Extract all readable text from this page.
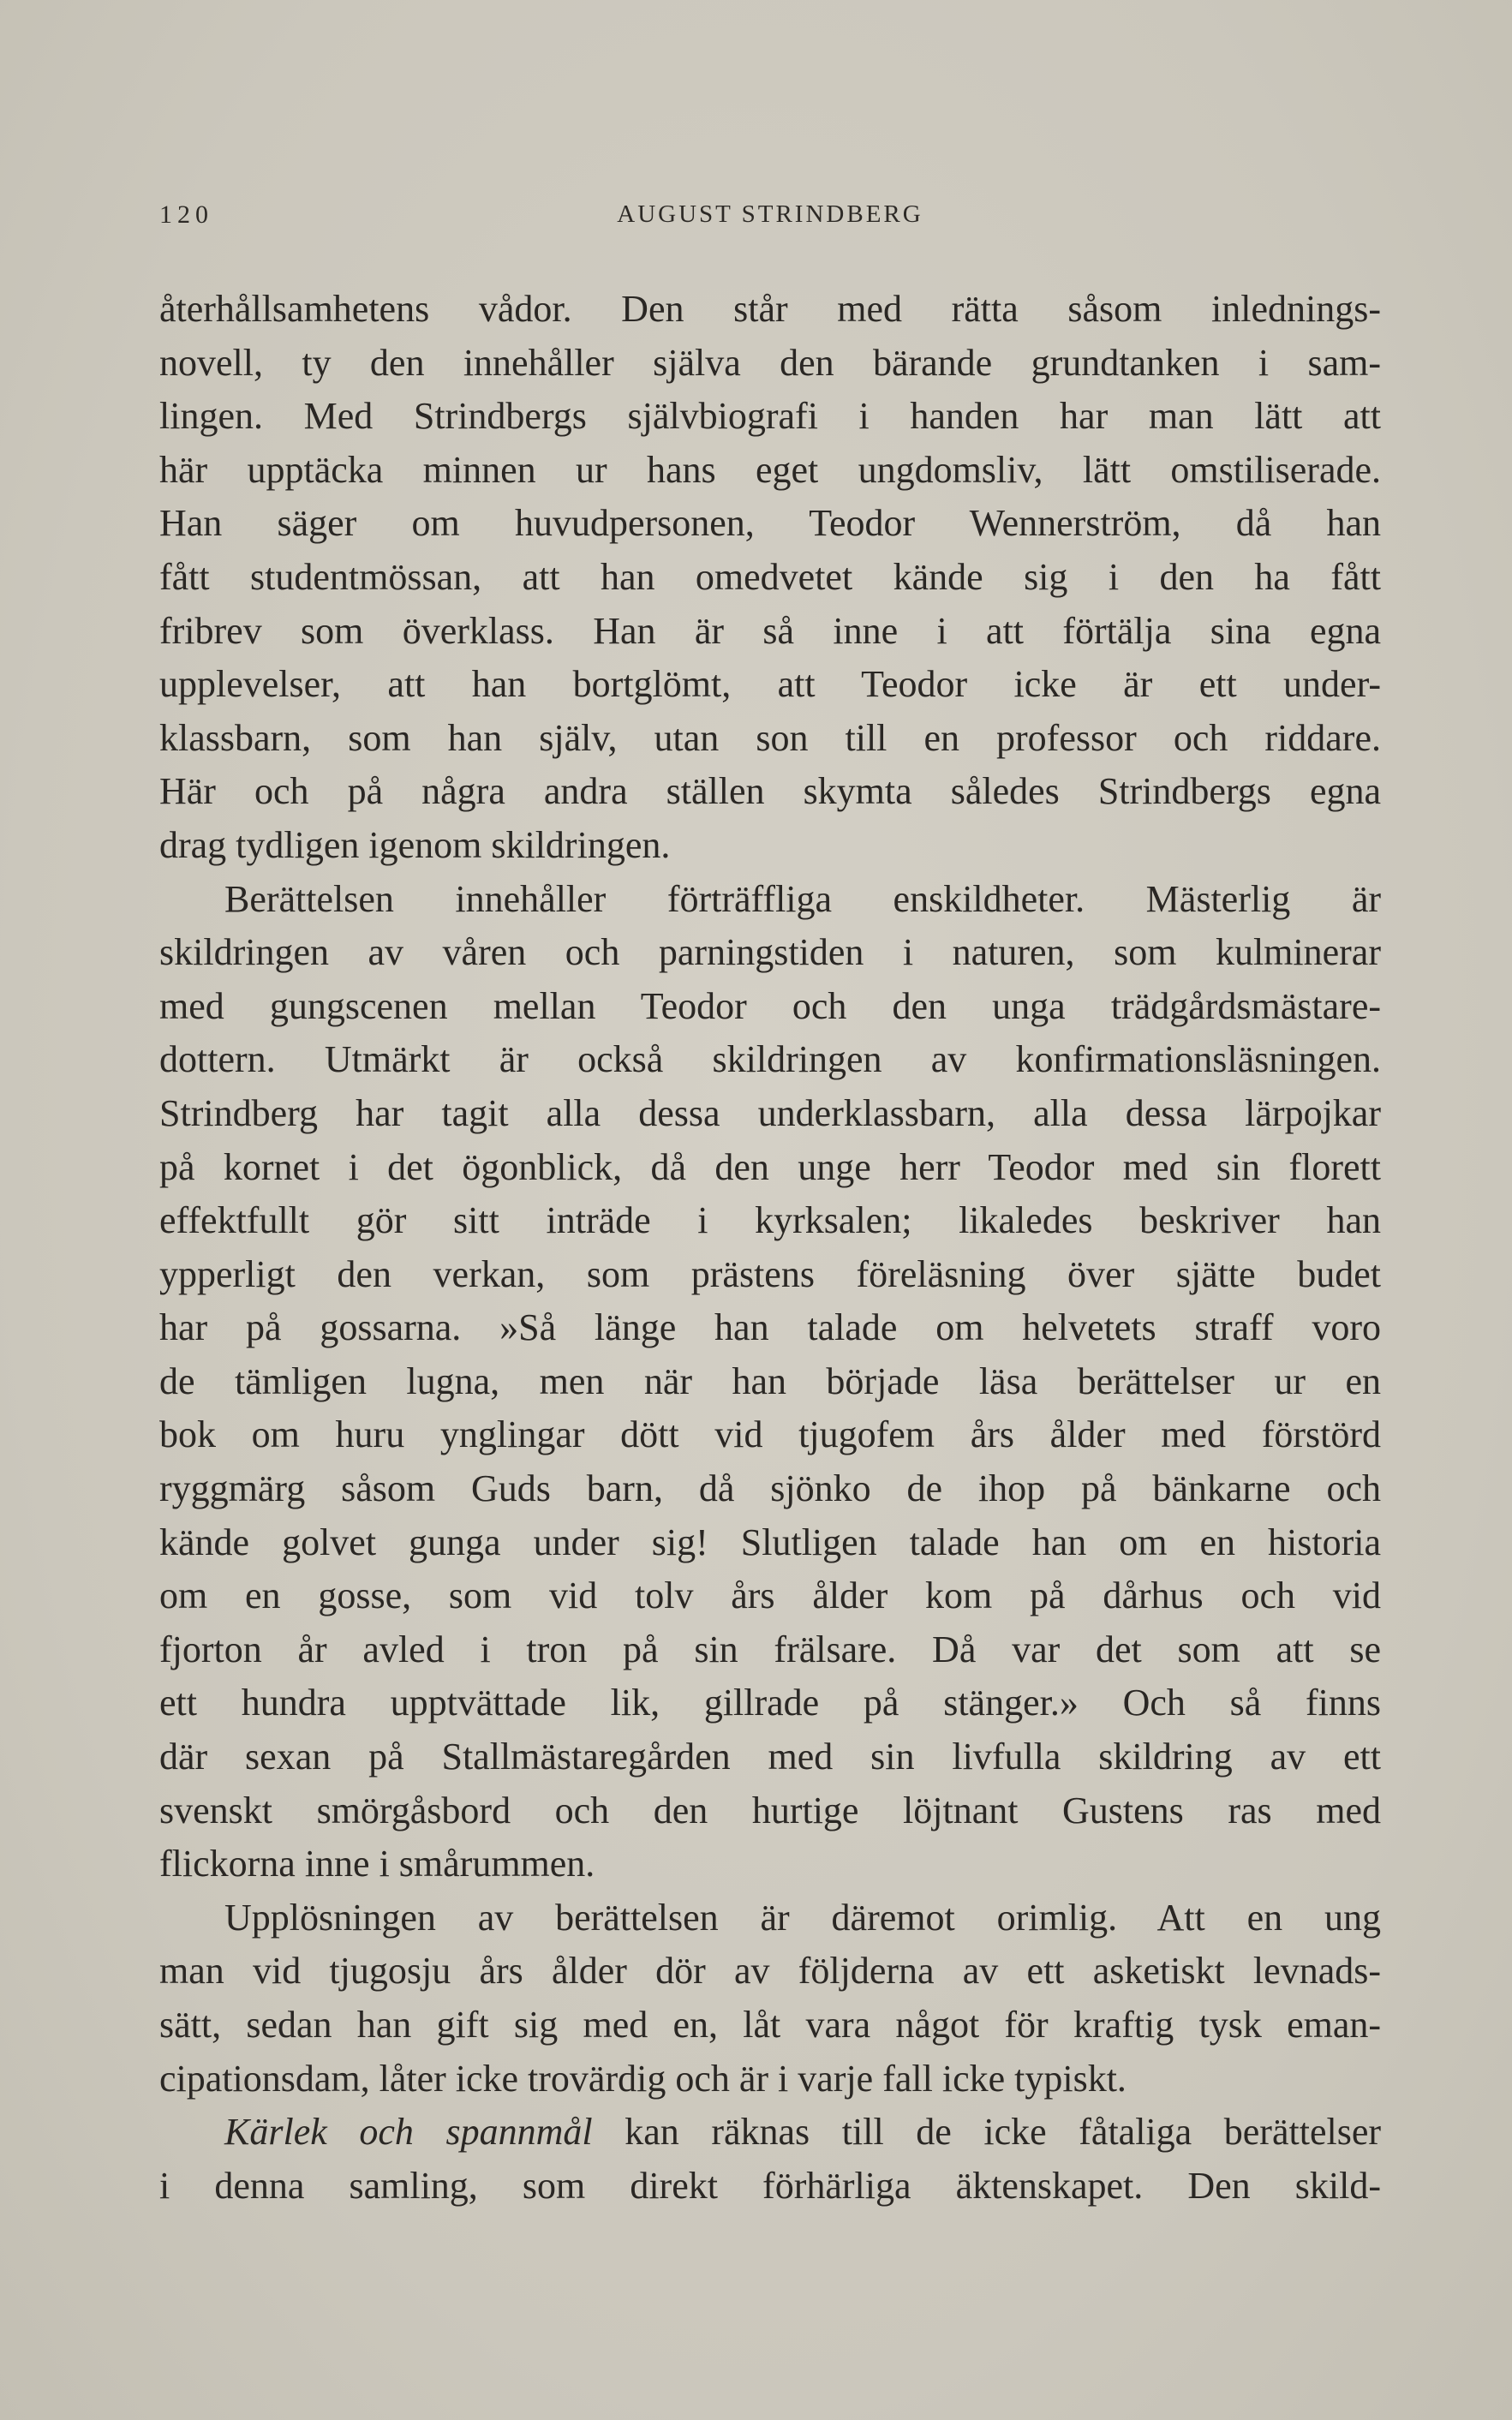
120	AUGUST STRINDBERG
återhållsamhetens vådor. Den står med rätta såsom inlednings-
novell, ty den innehåller själva den bärande grundtanken i sam-
lingen. Med Strindbergs självbiografi i handen har man lätt att
här upptäcka minnen ur hans eget ungdomsliv, lätt omstiliserade.
Han säger om huvudpersonen, Teodor Wennerström, då han
fått studentmössan, att han omedvetet kände sig i den ha fått
fribrev som överklass. Han är så inne i att förtälja sina egna
upplevelser, att han bortglömt, att Teodor icke är ett under-
klassbarn, som han själv, utan son till en professor och riddare.
Här och på några andra ställen skymta således Strindbergs egna
drag tydligen igenom skildringen.
Berättelsen innehåller förträffliga enskildheter. Mästerlig är
skildringen av våren och parningstiden i naturen, som kulminerar
med gungscenen mellan Teodor och den unga trädgårdsmästare-
dottern. Utmärkt är också skildringen av konfirmationsläsningen.
Strindberg har tagit alla dessa underklassbarn, alla dessa lärpojkar
på kornet i det ögonblick, då den unge herr Teodor med sin florett
effektfullt gör sitt inträde i kyrksalen; likaledes beskriver han
ypperligt den verkan, som prästens föreläsning över sjätte budet
har på gossarna. »Så länge han talade om helvetets straff voro
de tämligen lugna, men när han började läsa berättelser ur en
bok om huru ynglingar dött vid tjugofem års ålder med förstörd
ryggmärg såsom Guds barn, då sjönko de ihop på bänkarne och
kände golvet gunga under sig! Slutligen talade han om en historia
om en gosse, som vid tolv års ålder kom på dårhus och vid
fjorton år avled i tron på sin frälsare. Då var det som att se
ett hundra upptvättade lik, gillrade på stänger.» Och så finns
där sexan på Stallmästaregården med sin livfulla skildring av ett
svenskt smörgåsbord och den hurtige löjtnant Gustens ras med
flickorna inne i smårummen.
Upplösningen av berättelsen är däremot orimlig. Att en ung
man vid tjugosju års ålder dör av följderna av ett asketiskt levnads-
sätt, sedan han gift sig med en, låt vara något för kraftig tysk eman-
cipationsdam, låter icke trovärdig och är i varje fall icke typiskt.
Kärlek och spannmål kan räknas till de icke fåtaliga berättelser
i denna samling, som direkt förhärliga äktenskapet. Den skild-
